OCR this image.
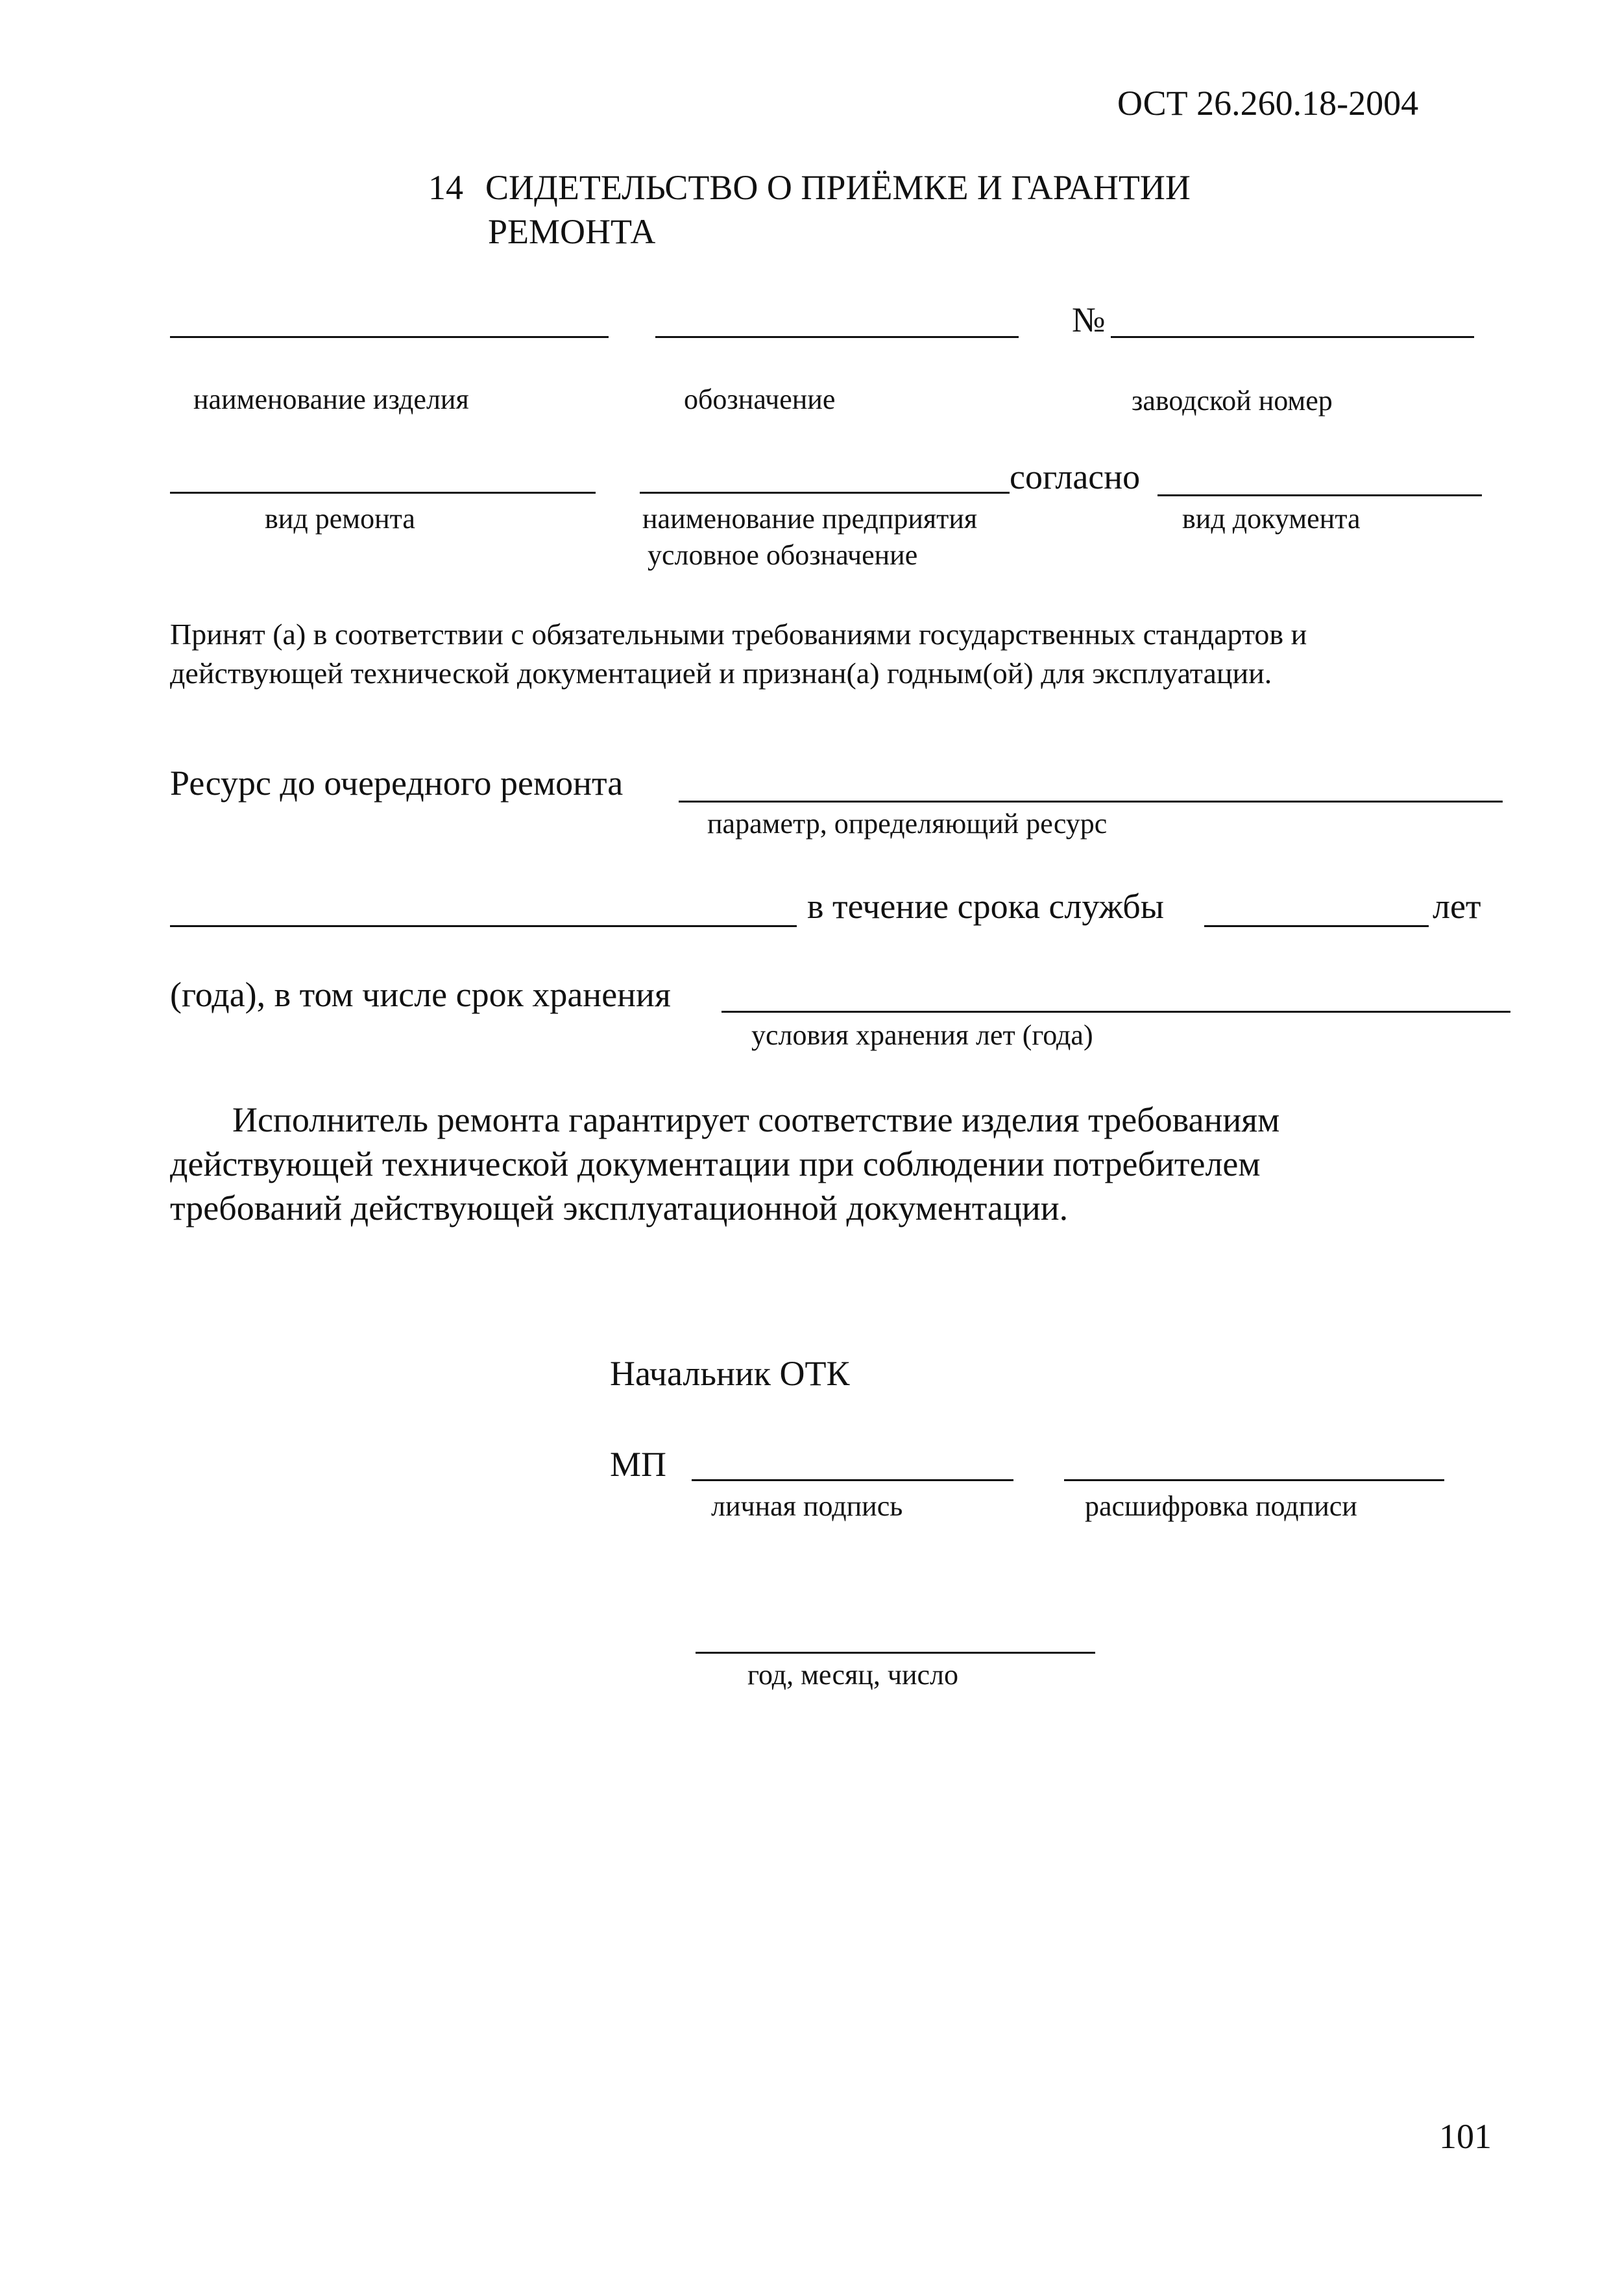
ОСТ 26.260.18-2004
14 СИДЕТЕЛЬСТВО О ПРИЁМКЕ И ГАРАНТИИ
РЕМОНТА
№
наименование изделия	обозначение	заводской номер
согласно
вид ремонта	наименование предприятия
условное обозначение
вид документа
Принят (а) в соответствии с обязательными требованиями государственных стандартов и
действующей технической документацией и признан(а) годным(ой) для эксплуатации.
Ресурс до очередного ремонта
параметр, определяющий ресурс
в течение срока службы	лет
(года), в том числе срок хранения
условия хранения лет (года)
Исполнитель ремонта гарантирует соответствие изделия требованиям
действующей технической документации при соблюдении потребителем
требований действующей эксплуатационной документации.
Начальник ОТК
МП
личная подпись	расшифровка подписи
год, месяц, число
101
